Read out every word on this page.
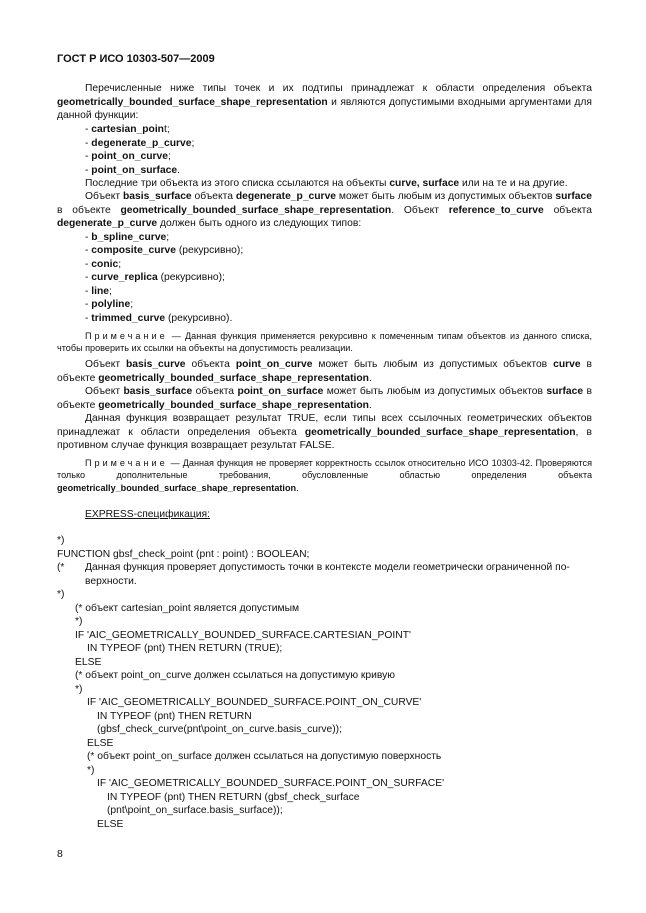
ГОСТ Р ИСО 10303-507—2009
Перечисленные ниже типы точек и их подтипы принадлежат к области определения объекта geometrically_bounded_surface_shape_representation и являются допустимыми входными аргументами для данной функции:
- cartesian_point;
- degenerate_p_curve;
- point_on_curve;
- point_on_surface.
Последние три объекта из этого списка ссылаются на объекты curve, surface или на те и на другие.
Объект basis_surface объекта degenerate_p_curve может быть любым из допустимых объектов surface в объекте geometrically_bounded_surface_shape_representation. Объект reference_to_curve объекта degenerate_p_curve должен быть одного из следующих типов:
- b_spline_curve;
- composite_curve (рекурсивно);
- conic;
- curve_replica (рекурсивно);
- line;
- polyline;
- trimmed_curve (рекурсивно).
Примечание — Данная функция применяется рекурсивно к помеченным типам объектов из данного списка, чтобы проверить их ссылки на объекты на допустимость реализации.
Объект basis_curve объекта point_on_curve может быть любым из допустимых объектов curve в объекте geometrically_bounded_surface_shape_representation.
Объект basis_surface объекта point_on_surface может быть любым из допустимых объектов surface в объекте geometrically_bounded_surface_shape_representation.
Данная функция возвращает результат TRUE, если типы всех ссылочных геометрических объектов принадлежат к области определения объекта geometrically_bounded_surface_shape_representation, в противном случае функция возвращает результат FALSE.
Примечание — Данная функция не проверяет корректность ссылок относительно ИСО 10303-42. Проверяются только дополнительные требования, обусловленные областью определения объекта geometrically_bounded_surface_shape_representation.
EXPRESS-спецификация:
*)
FUNCTION gbsf_check_point (pnt : point) : BOOLEAN;
(* Данная функция проверяет допустимость точки в контексте модели геометрически ограниченной по-
верхности.
*)
(* объект cartesian_point является допустимым
*)
IF 'AIC_GEOMETRICALLY_BOUNDED_SURFACE.CARTESIAN_POINT'
IN TYPEOF (pnt) THEN RETURN (TRUE);
ELSE
(* объект point_on_curve должен ссылаться на допустимую кривую
*)
IF 'AIC_GEOMETRICALLY_BOUNDED_SURFACE.POINT_ON_CURVE'
IN TYPEOF (pnt) THEN RETURN
(gbsf_check_curve(pnt\point_on_curve.basis_curve));
ELSE
(* объект point_on_surface должен ссылаться на допустимую поверхность
*)
IF 'AIC_GEOMETRICALLY_BOUNDED_SURFACE.POINT_ON_SURFACE'
IN TYPEOF (pnt) THEN RETURN (gbsf_check_surface
(pnt\point_on_surface.basis_surface));
ELSE
8
